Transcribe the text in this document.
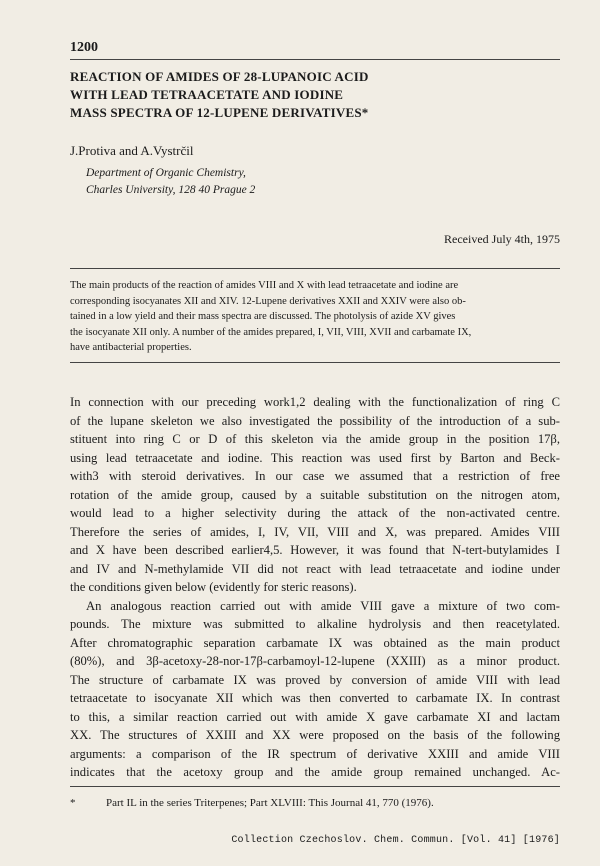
1200
REACTION OF AMIDES OF 28-LUPANOIC ACID
WITH LEAD TETRAACETATE AND IODINE
MASS SPECTRA OF 12-LUPENE DERIVATIVES*
J.Protiva and A.Vystrčil
Department of Organic Chemistry,
Charles University, 128 40 Prague 2
Received July 4th, 1975
The main products of the reaction of amides VIII and X with lead tetraacetate and iodine are
corresponding isocyanates XII and XIV. 12-Lupene derivatives XXII and XXIV were also ob-
tained in a low yield and their mass spectra are discussed. The photolysis of azide XV gives
the isocyanate XII only. A number of the amides prepared, I, VII, VIII, XVII and carbamate IX,
have antibacterial properties.
In connection with our preceding work1,2 dealing with the functionalization of ring C
of the lupane skeleton we also investigated the possibility of the introduction of a sub-
stituent into ring C or D of this skeleton via the amide group in the position 17β,
using lead tetraacetate and iodine. This reaction was used first by Barton and Beck-
with3 with steroid derivatives. In our case we assumed that a restriction of free
rotation of the amide group, caused by a suitable substitution on the nitrogen atom,
would lead to a higher selectivity during the attack of the non-activated centre.
Therefore the series of amides, I, IV, VII, VIII and X, was prepared. Amides VIII
and X have been described earlier4,5. However, it was found that N-tert-butylamides I
and IV and N-methylamide VII did not react with lead tetraacetate and iodine under
the conditions given below (evidently for steric reasons).
An analogous reaction carried out with amide VIII gave a mixture of two com-
pounds. The mixture was submitted to alkaline hydrolysis and then reacetylated.
After chromatographic separation carbamate IX was obtained as the main product
(80%), and 3β-acetoxy-28-nor-17β-carbamoyl-12-lupene (XXIII) as a minor product.
The structure of carbamate IX was proved by conversion of amide VIII with lead
tetraacetate to isocyanate XII which was then converted to carbamate IX. In contrast
to this, a similar reaction carried out with amide X gave carbamate XI and lactam
XX. The structures of XXIII and XX were proposed on the basis of the following
arguments: a comparison of the IR spectrum of derivative XXIII and amide VIII
indicates that the acetoxy group and the amide group remained unchanged. Ac-
*	Part IL in the series Triterpenes; Part XLVIII: This Journal 41, 770 (1976).
Collection Czechoslov. Chem. Commun. [Vol. 41] [1976]
